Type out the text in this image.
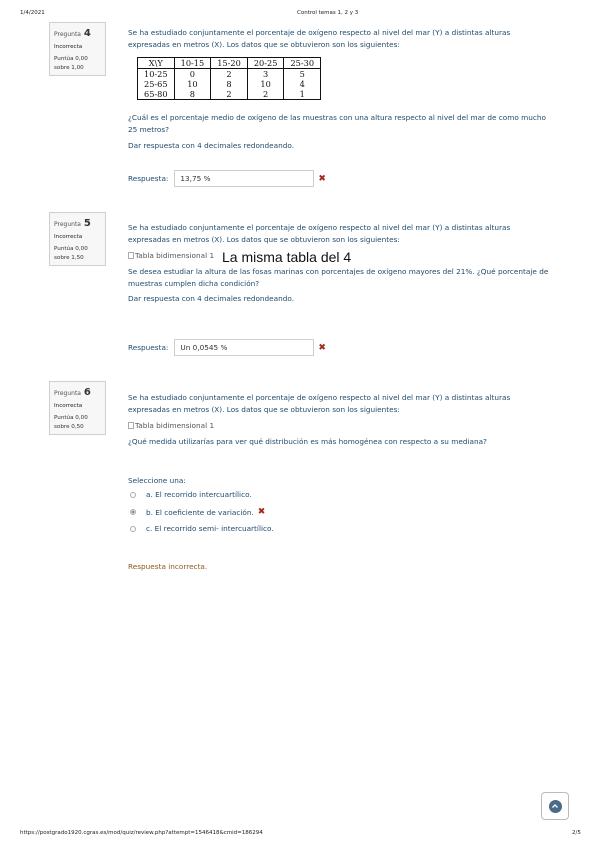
1/4/2021	Control temas 1, 2 y 3
https://postgrado1920.cgras.es/mod/quiz/review.php?attempt=1546418&cmid=186294	2/5
Pregunta 4
Incorrecta
Puntúa 0,00
sobre 1,00
Se ha estudiado conjuntamente el porcentaje de oxígeno respecto al nivel del mar (Y) a distintas alturas expresadas en metros (X). Los datos que se obtuvieron son los siguientes:
X\Y	10-15	15-20	20-25	25-30
10-25	0	2	3	5
25-65	10	8	10	4
65-80	8	2	2	1
¿Cuál es el porcentaje medio de oxígeno de las muestras con una altura respecto al nivel del mar de como mucho 25 metros?
Dar respuesta con 4 decimales redondeando.
Respuesta:	13,75 %	✖
Pregunta 5
Incorrecta
Puntúa 0,00
sobre 1,50
Se ha estudiado conjuntamente el porcentaje de oxígeno respecto al nivel del mar (Y) a distintas alturas expresadas en metros (X). Los datos que se obtuvieron son los siguientes:
Tabla bidimensional 1 La misma tabla del 4
Se desea estudiar la altura de las fosas marinas con porcentajes de oxígeno mayores del 21%. ¿Qué porcentaje de muestras cumplen dicha condición?
Dar respuesta con 4 decimales redondeando.
Respuesta:	Un 0,0545 %	✖
Pregunta 6
Incorrecta
Puntúa 0,00
sobre 0,50
Se ha estudiado conjuntamente el porcentaje de oxígeno respecto al nivel del mar (Y) a distintas alturas expresadas en metros (X). Los datos que se obtuvieron son los siguientes:
Tabla bidimensional 1
¿Qué medida utilizarías para ver qué distribución es más homogénea con respecto a su mediana?
Seleccione una:
a. El recorrido intercuartílico.
b. El coeficiente de variación. ✖
c. El recorrido semi- intercuartílico.
Respuesta incorrecta.
